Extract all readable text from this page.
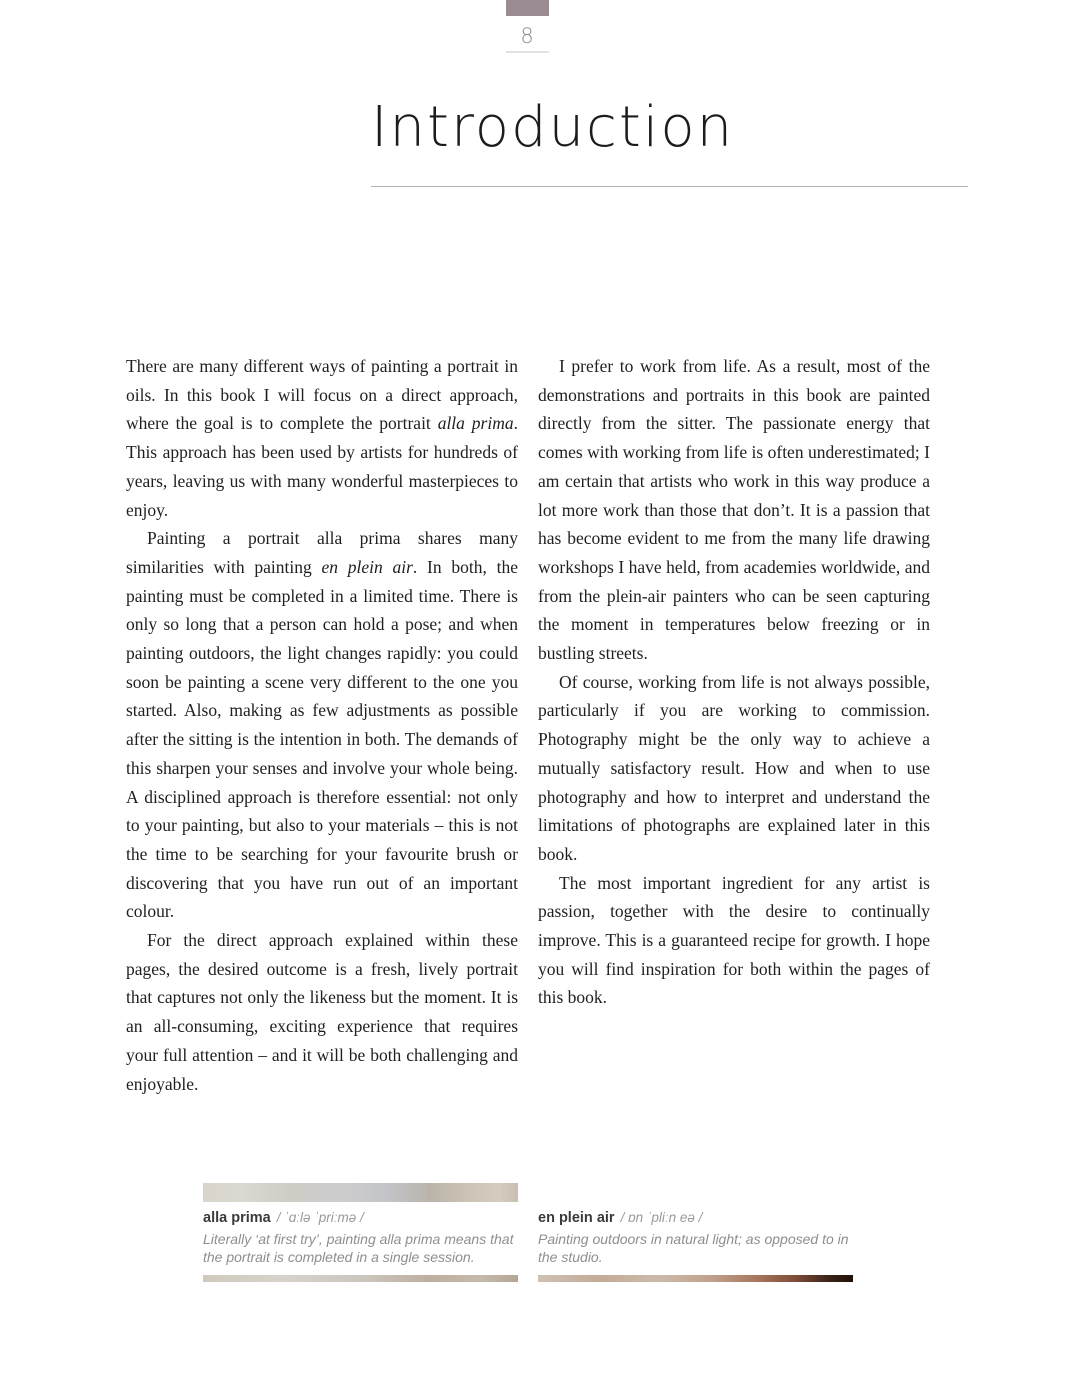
8
Introduction

There are many different ways of painting a portrait in oils. In this book I will focus on a direct approach, where the goal is to complete the portrait alla prima. This approach has been used by artists for hundreds of years, leaving us with many wonderful masterpieces to enjoy.

Painting a portrait alla prima shares many similarities with painting en plein air. In both, the painting must be completed in a limited time. There is only so long that a person can hold a pose; and when painting outdoors, the light changes rapidly: you could soon be painting a scene very different to the one you started. Also, making as few adjustments as possible after the sitting is the intention in both. The demands of this sharpen your senses and involve your whole being. A disciplined approach is therefore essential: not only to your painting, but also to your materials – this is not the time to be searching for your favourite brush or discovering that you have run out of an important colour.

For the direct approach explained within these pages, the desired outcome is a fresh, lively portrait that captures not only the likeness but the moment. It is an all-consuming, exciting experience that requires your full attention – and it will be both challenging and enjoyable.

I prefer to work from life. As a result, most of the demonstrations and portraits in this book are painted directly from the sitter. The passionate energy that comes with working from life is often underestimated; I am certain that artists who work in this way produce a lot more work than those that don’t. It is a passion that has become evident to me from the many life drawing workshops I have held, from academies worldwide, and from the plein-air painters who can be seen capturing the moment in temperatures below freezing or in bustling streets.

Of course, working from life is not always possible, particularly if you are working to commission. Photography might be the only way to achieve a mutually satisfactory result. How and when to use photography and how to interpret and understand the limitations of photographs are explained later in this book.

The most important ingredient for any artist is passion, together with the desire to continually improve. This is a guaranteed recipe for growth. I hope you will find inspiration for both within the pages of this book.

alla prima / ˈɑːlə ˈpriːmə /
Literally ‘at first try’, painting alla prima means that the portrait is completed in a single session.
en plein air / ɒn ˈpliːn eə /
Painting outdoors in natural light; as opposed to in the studio.
